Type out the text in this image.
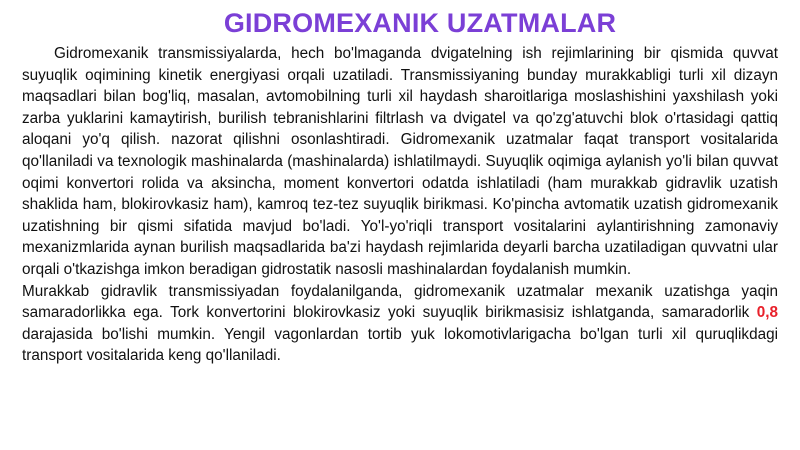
GIDROMEXANIK UZATMALAR

Gidromexanik transmissiyalarda, hech bo'lmaganda dvigatelning ish rejimlarining bir qismida quvvat suyuqlik oqimining kinetik energiyasi orqali uzatiladi. Transmissiyaning bunday murakkabligi turli xil dizayn maqsadlari bilan bog'liq, masalan, avtomobilning turli xil haydash sharoitlariga moslashishini yaxshilash yoki zarba yuklarini kamaytirish, burilish tebranishlarini filtrlash va dvigatel va qo'zg'atuvchi blok o'rtasidagi qattiq aloqani yo'q qilish. nazorat qilishni osonlashtiradi. Gidromexanik uzatmalar faqat transport vositalarida qo'llaniladi va texnologik mashinalarda (mashinalarda) ishlatilmaydi. Suyuqlik oqimiga aylanish yo'li bilan quvvat oqimi konvertori rolida va aksincha, moment konvertori odatda ishlatiladi (ham murakkab gidravlik uzatish shaklida ham, blokirovkasiz ham), kamroq tez-tez suyuqlik birikmasi. Ko'pincha avtomatik uzatish gidromexanik uzatishning bir qismi sifatida mavjud bo'ladi. Yo'l-yo'riqli transport vositalarini aylantirishning zamonaviy mexanizmlarida aynan burilish maqsadlarida ba'zi haydash rejimlarida deyarli barcha uzatiladigan quvvatni ular orqali o'tkazishga imkon beradigan gidrostatik nasosli mashinalardan foydalanish mumkin.

Murakkab gidravlik transmissiyadan foydalanilganda, gidromexanik uzatmalar mexanik uzatishga yaqin samaradorlikka ega. Tork konvertorini blokirovkasiz yoki suyuqlik birikmasisiz ishlatganda, samaradorlik 0,8 darajasida bo'lishi mumkin. Yengil vagonlardan tortib yuk lokomotivlarigacha bo'lgan turli xil quruqlikdagi transport vositalarida keng qo'llaniladi.
